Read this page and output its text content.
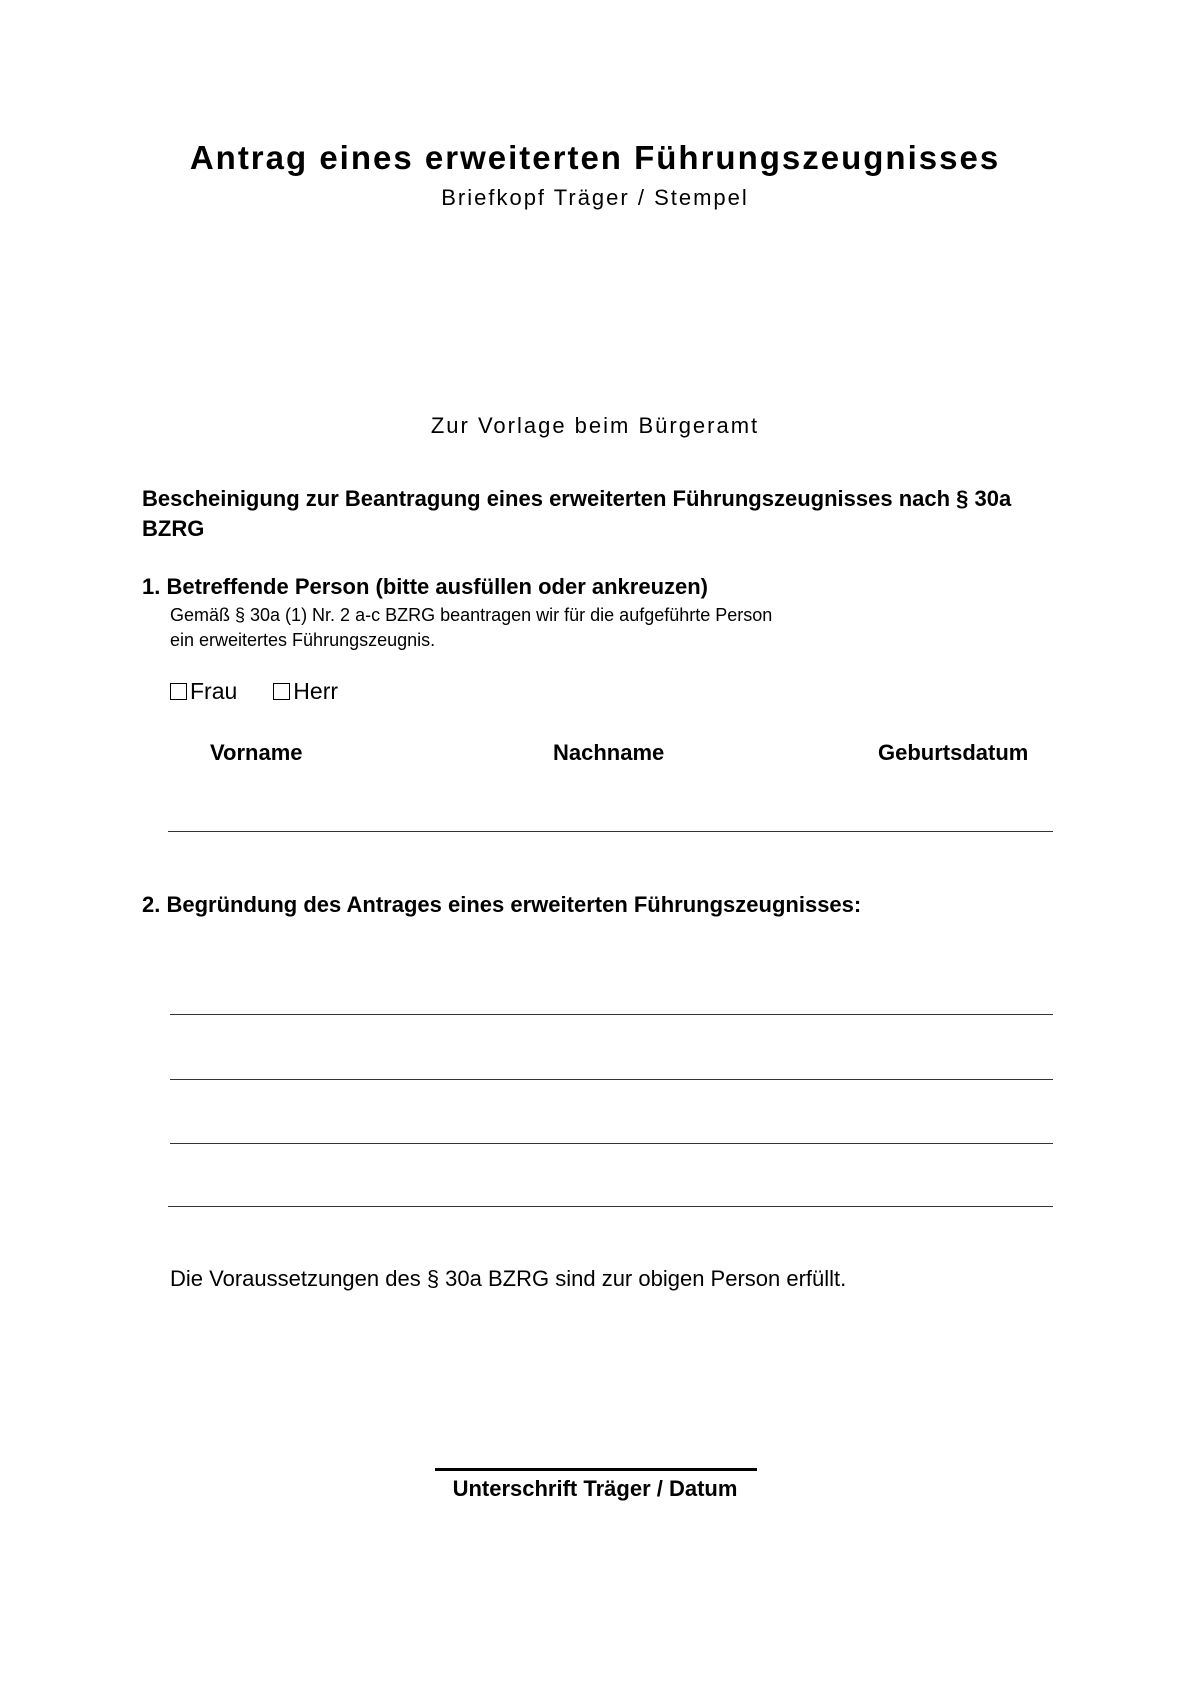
Antrag eines erweiterten Führungszeugnisses
Briefkopf Träger / Stempel
Zur Vorlage beim Bürgeramt
Bescheinigung zur Beantragung eines erweiterten Führungszeugnisses nach § 30a BZRG
1. Betreffende Person (bitte ausfüllen oder ankreuzen)
Gemäß § 30a (1) Nr. 2 a-c BZRG beantragen wir für die aufgeführte Person
ein erweitertes Führungszeugnis.
Frau Herr
Vorname	Nachname	Geburtsdatum
2. Begründung des Antrages eines erweiterten Führungszeugnisses:
Die Voraussetzungen des § 30a BZRG sind zur obigen Person erfüllt.
Unterschrift Träger / Datum
